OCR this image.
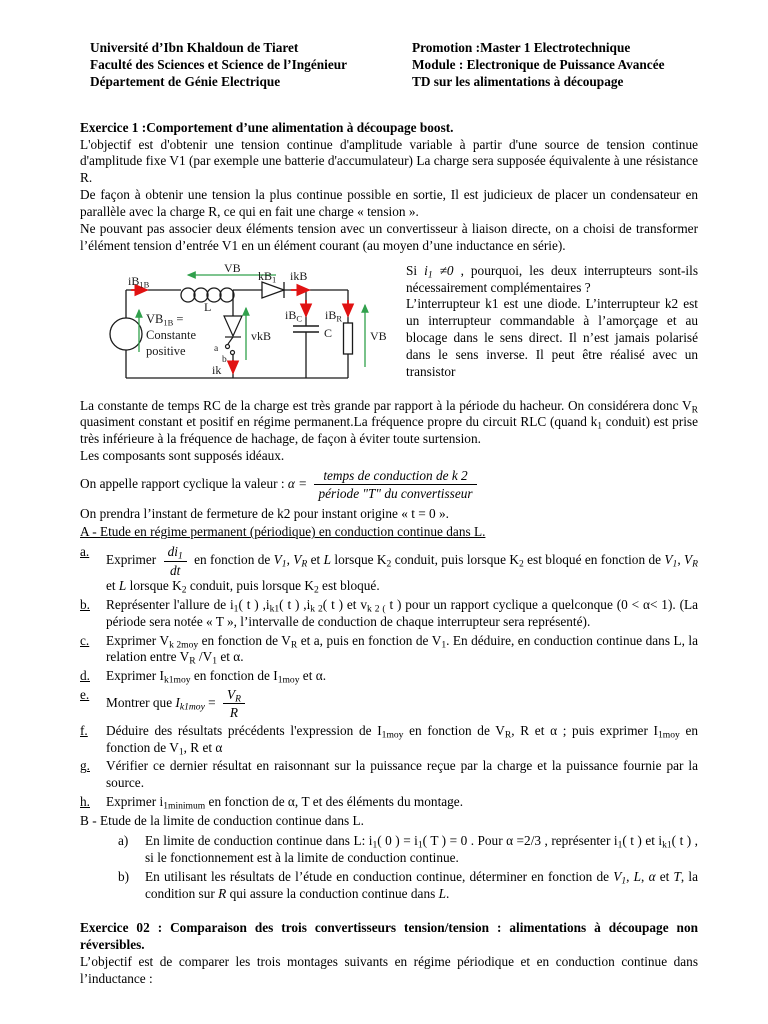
Université d’Ibn Khaldoun de Tiaret
Faculté des Sciences et Science de l’Ingénieur
Département de Génie Electrique
Promotion :Master 1 Electrotechnique
Module : Electronique de Puissance Avancée
TD sur les alimentations à découpage
Exercice 1 :Comportement d’une alimentation à découpage boost.

L'objectif est d'obtenir une tension continue d'amplitude variable à partir d'une source de tension continue d'amplitude fixe V1 (par exemple une batterie d'accumulateur) La charge sera supposée équivalente à une résistance R.

De façon à obtenir une tension la plus continue possible en sortie, Il est judicieux de placer un condensateur en parallèle avec la charge R, ce qui en fait une charge « tension ».

Ne pouvant pas associer deux éléments tension avec un convertisseur à liaison directe, on a choisi de transformer l’élément tension d’entrée V1 en un élément courant (au moyen d’une inductance en série).

VB
$iB_{1B}$
L
$VB_{1B}$ =
Constante
positive
$kB_1$ ikB
vkB
a
b
ik
$iB_C$
C
$iB_R$
VB

Si $i_1 \ne 0$ , pourquoi, les deux interrupteurs sont-ils nécessairement complémentaires ?

L’interrupteur k1 est une diode. L’interrupteur k2 est un interrupteur commandable à l’amorçage et au blocage dans le sens direct. Il n’est jamais polarisé dans le sens inverse. Il peut être réalisé avec un transistor

La constante de temps RC de la charge est très grande par rapport à la période du hacheur. On considérera donc $V_R$ quasiment constant et positif en régime permanent.La fréquence propre du circuit RLC (quand $k_1$ conduit) est prise très inférieure à la fréquence de hachage, de façon à éviter toute surtension.

Les composants sont supposés idéaux.

On appelle rapport cyclique la valeur : $\alpha = \frac{\text{temps de conduction de k 2}}{\text{période "T" du convertisseur}}$

On prendra l’instant de fermeture de k2 pour instant origine « t = 0 ».

A - Etude en régime permanent (périodique) en conduction continue dans L.
a.
Exprimer $\frac{di_1}{dt}$ en fonction de $V_1$, $V_R$ et L lorsque $K_2$ conduit, puis lorsque $K_2$ est bloqué en fonction de $V_1$, $V_R$ et L lorsque $K_2$ conduit, puis lorsque $K_2$ est bloqué.
b.	Représenter l'allure de $i_1$( t ) $,i_{k1}$( t ) $,i_{k 2}$( t ) et $v_{k 2 (}$ t ) pour un rapport cyclique a quelconque (0 < α< 1). (La période sera notée « T », l’intervalle de conduction de chaque interrupteur sera représenté).
c.	Exprimer $V_{k 2moy}$ en fonction de $V_R$ et a, puis en fonction de $V_1$. En déduire, en conduction continue dans L, la relation entre $V_R$ $/V_1$ et α.
d.	Exprimer $I_{k1moy}$ en fonction de $I_{1moy}$ et α.
e.
Montrer que $I_{k1moy} = \frac{V_R}{R}$
f.	Déduire des résultats précédents l'expression de $I_{1moy}$ en fonction de $V_R$, R et α ; puis exprimer $I_{1moy}$ en fonction de $V_1$, R et α
g.	Vérifier ce dernier résultat en raisonnant sur la puissance reçue par la charge et la puissance fournie par la source.
h.	Exprimer $i_{1minimum}$ en fonction de α, T et des éléments du montage.
B - Etude de la limite de conduction continue dans L.
a)	En limite de conduction continue dans L: $i_1$( 0 ) = $i_1$( T ) = 0 . Pour α =2/3 , représenter $i_1$( t ) et $i_{k1}$( t ) , si le fonctionnement est à la limite de conduction continue.
b)	En utilisant les résultats de l’étude en conduction continue, déterminer en fonction de $V_1$, L, α et T, la condition sur R qui assure la conduction continue dans L.
Exercice 02 : Comparaison des trois convertisseurs tension/tension : alimentations à découpage non réversibles.

L’objectif est de comparer les trois montages suivants en régime périodique et en conduction continue dans l’inductance :
